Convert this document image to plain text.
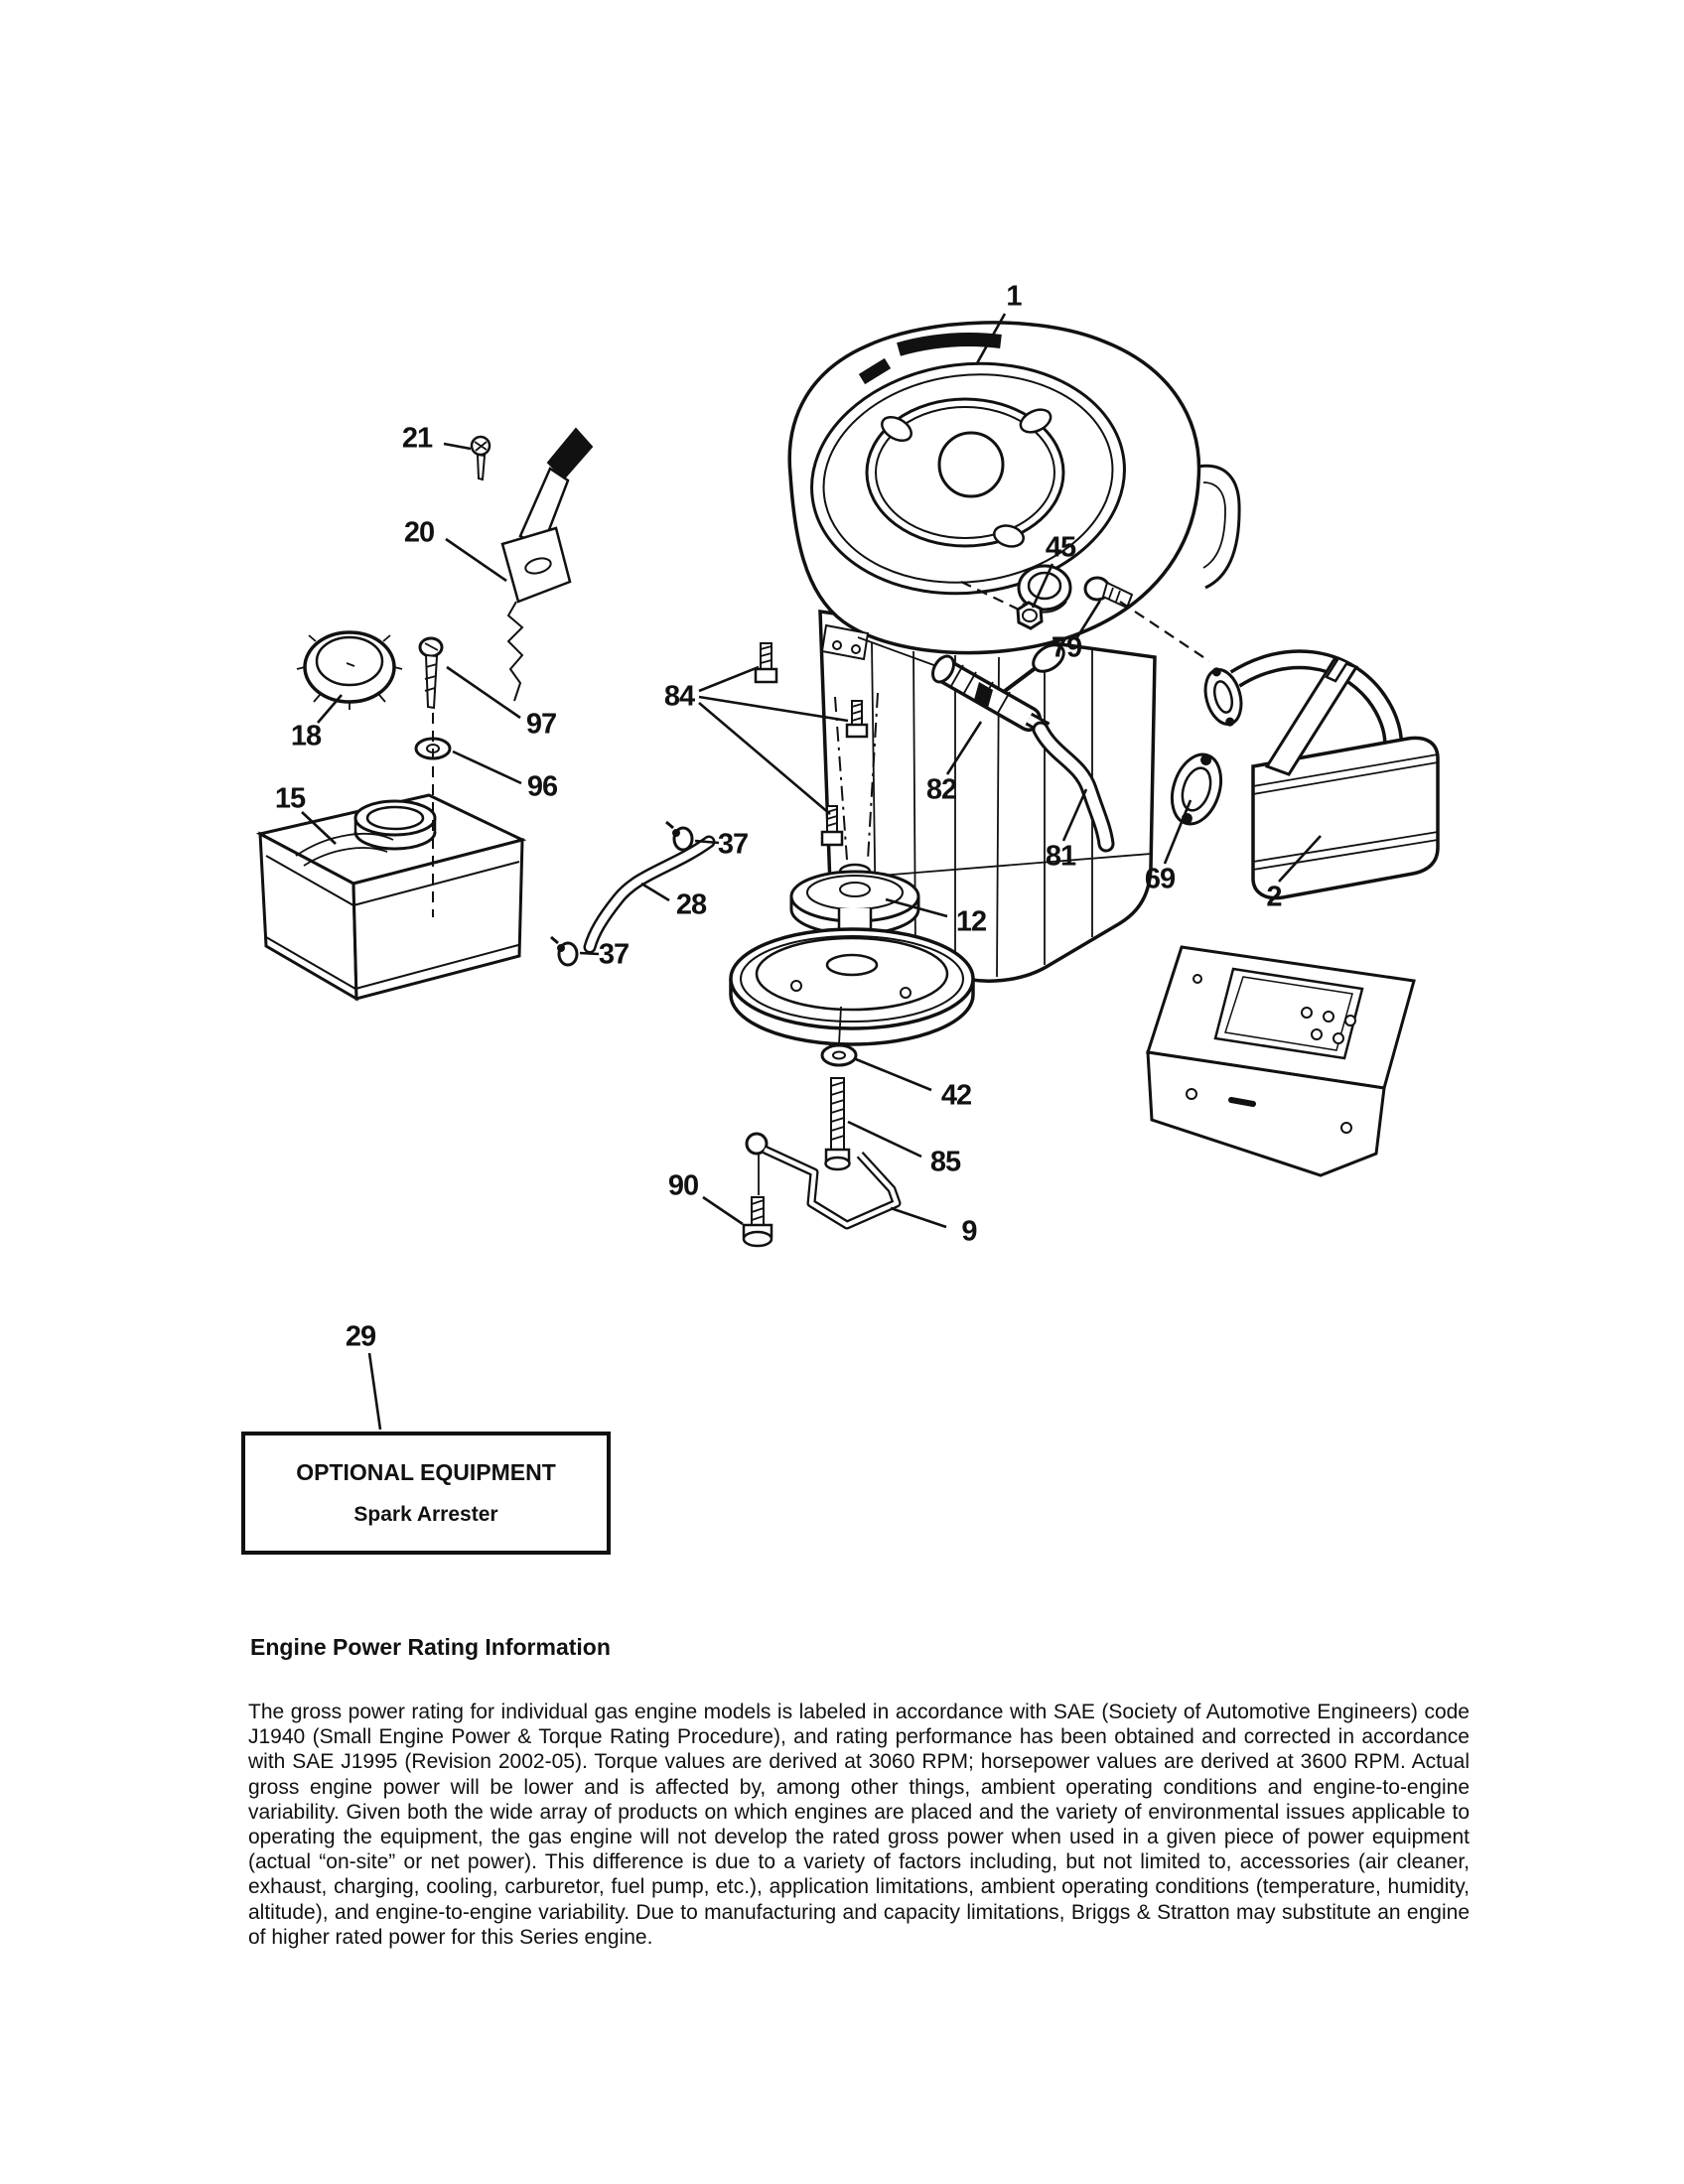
1
21
20	45
79
97
18
96
15
84
82
81
69
2
37
28
37
12
42
85
90
9
29
OPTIONAL EQUIPMENT
Spark Arrester
Engine Power Rating Information
The gross power rating for individual gas engine models is labeled in accordance with SAE (Society of Automotive Engineers) code J1940 (Small Engine Power & Torque Rating Procedure), and rating performance has been obtained and corrected in accordance with SAE J1995 (Revision 2002-05). Torque values are derived at 3060 RPM; horsepower values are derived at 3600 RPM. Actual gross engine power will be lower and is affected by, among other things, ambient operating conditions and engine-to-engine variability. Given both the wide array of products on which engines are placed and the variety of environmental issues applicable to operating the equipment, the gas engine will not develop the rated gross power when used in a given piece of power equipment (actual “on-site” or net power). This difference is due to a variety of factors including, but not limited to, accessories (air cleaner, exhaust, charging, cooling, carburetor, fuel pump, etc.), application limitations, ambient operating conditions (temperature, humidity, altitude), and engine-to-engine variability. Due to manufacturing and capacity limitations, Briggs & Stratton may substitute an engine of higher rated power for this Series engine.
